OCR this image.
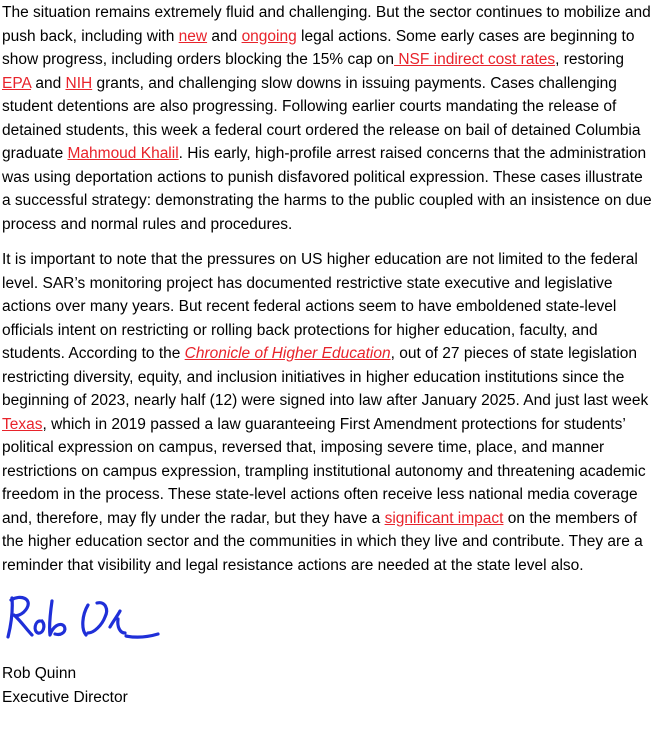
The situation remains extremely fluid and challenging. But the sector continues to mobilize and push back, including with new and ongoing legal actions. Some early cases are beginning to show progress, including orders blocking the 15% cap on NSF indirect cost rates, restoring EPA and NIH grants, and challenging slow downs in issuing payments. Cases challenging student detentions are also progressing. Following earlier courts mandating the release of detained students, this week a federal court ordered the release on bail of detained Columbia graduate Mahmoud Khalil. His early, high-profile arrest raised concerns that the administration was using deportation actions to punish disfavored political expression. These cases illustrate a successful strategy: demonstrating the harms to the public coupled with an insistence on due process and normal rules and procedures.

It is important to note that the pressures on US higher education are not limited to the federal level. SAR’s monitoring project has documented restrictive state executive and legislative actions over many years. But recent federal actions seem to have emboldened state-level officials intent on restricting or rolling back protections for higher education, faculty, and students. According to the Chronicle of Higher Education, out of 27 pieces of state legislation restricting diversity, equity, and inclusion initiatives in higher education institutions since the beginning of 2023, nearly half (12) were signed into law after January 2025. And just last week Texas, which in 2019 passed a law guaranteeing First Amendment protections for students’ political expression on campus, reversed that, imposing severe time, place, and manner restrictions on campus expression, trampling institutional autonomy and threatening academic freedom in the process. These state-level actions often receive less national media coverage and, therefore, may fly under the radar, but they have a significant impact on the members of the higher education sector and the communities in which they live and contribute. They are a reminder that visibility and legal resistance actions are needed at the state level also.

Rob Quinn

Executive Director
